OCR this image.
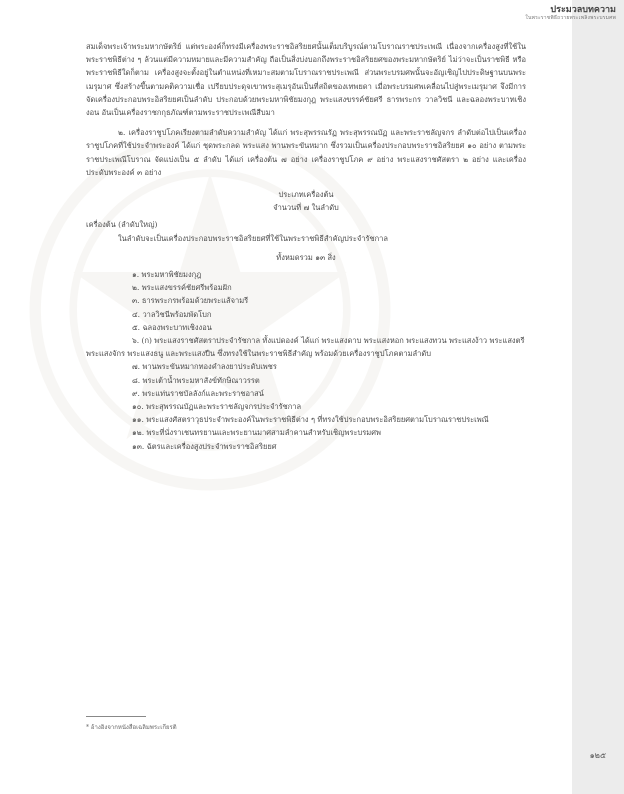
ประมวลบทความ
ในพระราชพิธีถวายพระเพลิงพระบรมศพ

สมเด็จพระเจ้าพระมหากษัตริย์ แต่พระองค์ก็ทรงมีเครื่องพระราชอิสริยยศนั้นเต็มบริบูรณ์ตามโบราณราชประเพณี เนื่องจากเครื่องสูงที่ใช้ในพระราชพิธีต่าง ๆ ล้วนแต่มีความหมายและมีความสำคัญ ถือเป็นสิ่งบ่งบอกถึงพระราชอิสริยยศของพระมหากษัตริย์ ไม่ว่าจะเป็นราชพิธี หรือพระราชพิธีใดก็ตาม เครื่องสูงจะตั้งอยู่ในตำแหน่งที่เหมาะสมตามโบราณราชประเพณี ส่วนพระบรมศพนั้นจะอัญเชิญไปประดิษฐานบนพระเมรุมาศ ซึ่งสร้างขึ้นตามคติความเชื่อ เปรียบประดุจเขาพระสุเมรุอันเป็นที่สถิตของเทพยดา เมื่อพระบรมศพเคลื่อนไปสู่พระเมรุมาศ จึงมีการจัดเครื่องประกอบพระอิสริยยศเป็นลำดับ ประกอบด้วยพระมหาพิชัยมงกุฎ พระแสงขรรค์ชัยศรี ธารพระกร วาลวิชนี และฉลองพระบาทเชิงงอน อันเป็นเครื่องราชกกุธภัณฑ์ตามพระราชประเพณีสืบมา

๒. เครื่องราชูปโภคเรียงตามลำดับความสำคัญ ได้แก่ พระสุพรรณรัฏ พระสุพรรณบัฏ และพระราชลัญจกร ลำดับต่อไปเป็นเครื่องราชูปโภคที่ใช้ประจำพระองค์ ได้แก่ ชุดพระกลด พระแสง พานพระขันหมาก ซึ่งรวมเป็นเครื่องประกอบพระราชอิสริยยศ ๑๐ อย่าง ตามพระราชประเพณีโบราณ จัดแบ่งเป็น ๕ ลำดับ ได้แก่ เครื่องต้น ๗ อย่าง เครื่องราชูปโภค ๙ อย่าง พระแสงราชศัสตรา ๒ อย่าง และเครื่องประดับพระองค์ ๓ อย่าง

ประเภทเครื่องต้น

จำนวนที่ ๗ ในลำดับ

เครื่องต้น (ลำดับใหญ่)

ในลำดับจะเป็นเครื่องประกอบพระราชอิสริยยศที่ใช้ในพระราชพิธีสำคัญประจำรัชกาล

ทั้งหมดรวม ๑๓ สิ่ง

๑. พระมหาพิชัยมงกุฎ

๒. พระแสงขรรค์ชัยศรีพร้อมฝัก

๓. ธารพระกรพร้อมด้วยพระแส้จามรี

๔. วาลวิชนีพร้อมพัดโบก

๕. ฉลองพระบาทเชิงงอน

๖. (ก) พระแสงราชศัสตราประจำรัชกาล ทั้งแปดองค์ ได้แก่ พระแสงดาบ พระแสงหอก พระแสงทวน พระแสงง้าว พระแสงตรี พระแสงจักร พระแสงธนู และพระแสงปืน ซึ่งทรงใช้ในพระราชพิธีสำคัญ พร้อมด้วยเครื่องราชูปโภคตามลำดับ

๗. พานพระขันหมากทองคำลงยาประดับเพชร

๘. พระเต้าน้ำพระมหาสังข์ทักษิณาวรรต

๙. พระแท่นราชบัลลังก์และพระราชอาสน์

๑๐. พระสุพรรณบัฏและพระราชลัญจกรประจำรัชกาล

๑๑. พระแสงศัสตราวุธประจำพระองค์ในพระราชพิธีต่าง ๆ ที่ทรงใช้ประกอบพระอิสริยยศตามโบราณราชประเพณี

๑๒. พระที่นั่งราเชนทรยานและพระยานมาศสามลำคานสำหรับเชิญพระบรมศพ

๑๓. ฉัตรและเครื่องสูงประจำพระราชอิสริยยศ

* อ้างอิงจากหนังสือเฉลิมพระเกียรติ
๑๒๕
